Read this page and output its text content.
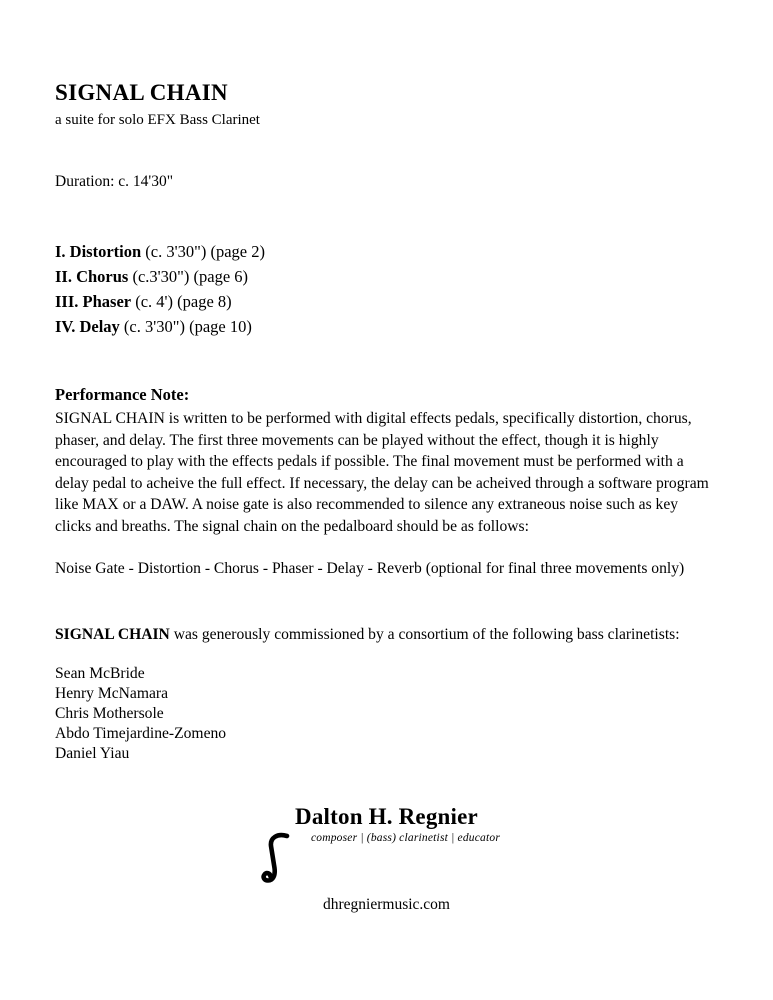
SIGNAL CHAIN
a suite for solo EFX Bass Clarinet
Duration: c. 14'30"
I. Distortion (c. 3'30") (page 2)
II. Chorus (c.3'30") (page 6)
III. Phaser (c. 4') (page 8)
IV. Delay (c. 3'30") (page 10)
Performance Note:

SIGNAL CHAIN is written to be performed with digital effects pedals, specifically distortion, chorus, phaser, and delay. The first three movements can be played without the effect, though it is highly encouraged to play with the effects pedals if possible. The final movement must be performed with a delay pedal to acheive the full effect. If necessary, the delay can be acheived through a software program like MAX or a DAW. A noise gate is also recommended to silence any extraneous noise such as key clicks and breaths. The signal chain on the pedalboard should be as follows:

Noise Gate - Distortion - Chorus - Phaser - Delay - Reverb (optional for final three movements only)

SIGNAL CHAIN was generously commissioned by a consortium of the following bass clarinetists:

Sean McBride
Henry McNamara
Chris Mothersole
Abdo Timejardine-Zomeno
Daniel Yiau
Dalton H. Regnier
composer | (bass) clarinetist | educator
dhregniermusic.com
